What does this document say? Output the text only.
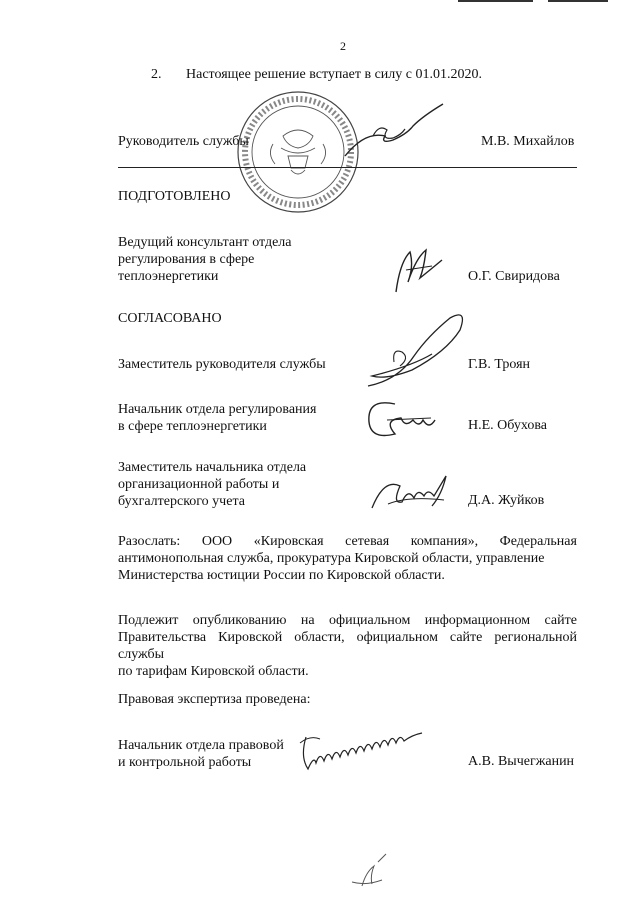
2
2. Настоящее решение вступает в силу с 01.01.2020.
Руководитель службы	М.В. Михайлов
ПОДГОТОВЛЕНО
Ведущий консультант отдела
регулирования в сфере
теплоэнергетики	О.Г. Свиридова
СОГЛАСОВАНО
Заместитель руководителя службы	Г.В. Троян
Начальник отдела регулирования
в сфере теплоэнергетики	Н.Е. Обухова
Заместитель начальника отдела
организационной работы и
бухгалтерского учета	Д.А. Жуйков
Разослать: ООО «Кировская сетевая компания», Федеральная
антимонопольная служба, прокуратура Кировской области, управление
Министерства юстиции России по Кировской области.
Подлежит опубликованию на официальном информационном сайте
Правительства Кировской области, официальном сайте региональной службы
по тарифам Кировской области.
Правовая экспертиза проведена:
Начальник отдела правовой
и контрольной работы	А.В. Вычегжанин
